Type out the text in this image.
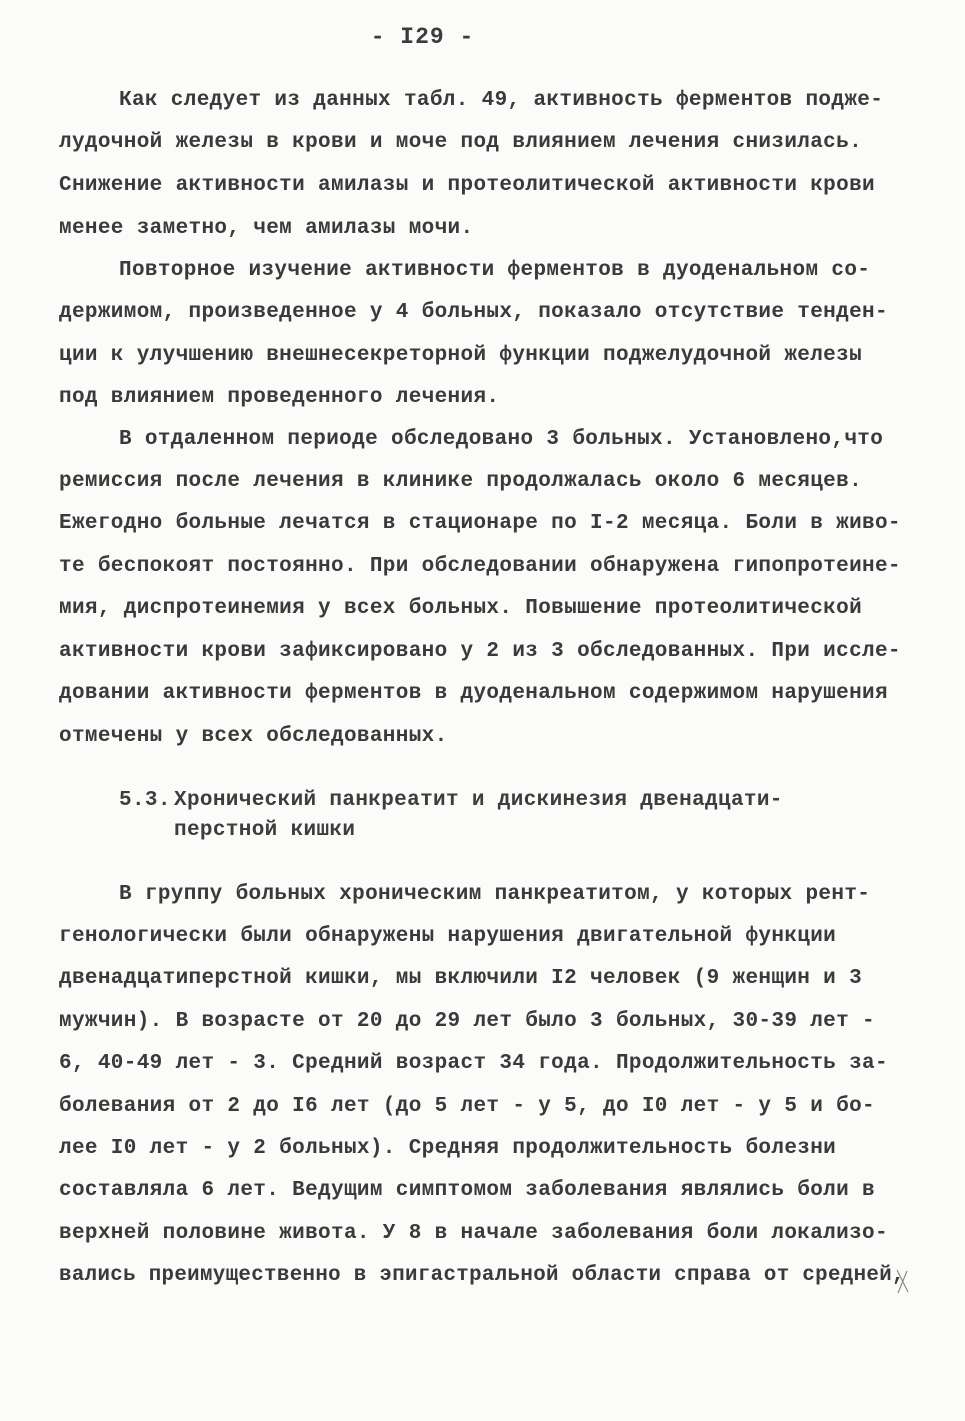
- I29 -
Как следует из данных табл. 49, активность ферментов подже-
лудочной железы в крови и моче под влиянием лечения снизилась.
Снижение активности амилазы и протеолитической активности крови
менее заметно, чем амилазы мочи.
Повторное изучение активности ферментов в дуоденальном со-
держимом, произведенное у 4 больных, показало отсутствие тенден-
ции к улучшению внешнесекреторной функции поджелудочной железы
под влиянием проведенного лечения.
В отдаленном периоде обследовано 3 больных. Установлено,что
ремиссия после лечения в клинике продолжалась около 6 месяцев.
Ежегодно больные лечатся в стационаре по I-2 месяца. Боли в живо-
те беспокоят постоянно. При обследовании обнаружена гипопротеине-
мия, диспротеинемия у всех больных. Повышение протеолитической
активности крови зафиксировано у 2 из 3 обследованных. При иссле-
довании активности ферментов в дуоденальном содержимом нарушения
отмечены у всех обследованных.
5.3. Хронический панкреатит и дискинезия двенадцати-
перстной кишки
В группу больных хроническим панкреатитом, у которых рент-
генологически были обнаружены нарушения двигательной функции
двенадцатиперстной кишки, мы включили I2 человек (9 женщин и 3
мужчин). В возрасте от 20 до 29 лет было 3 больных, 30-39 лет -
6, 40-49 лет - 3. Средний возраст 34 года. Продолжительность за-
болевания от 2 до I6 лет (до 5 лет - у 5, до I0 лет - у 5 и бо-
лее I0 лет - у 2 больных). Средняя продолжительность болезни
составляла 6 лет. Ведущим симптомом заболевания являлись боли в
верхней половине живота. У 8 в начале заболевания боли локализо-
вались преимущественно в эпигастральной области справа от средней,
